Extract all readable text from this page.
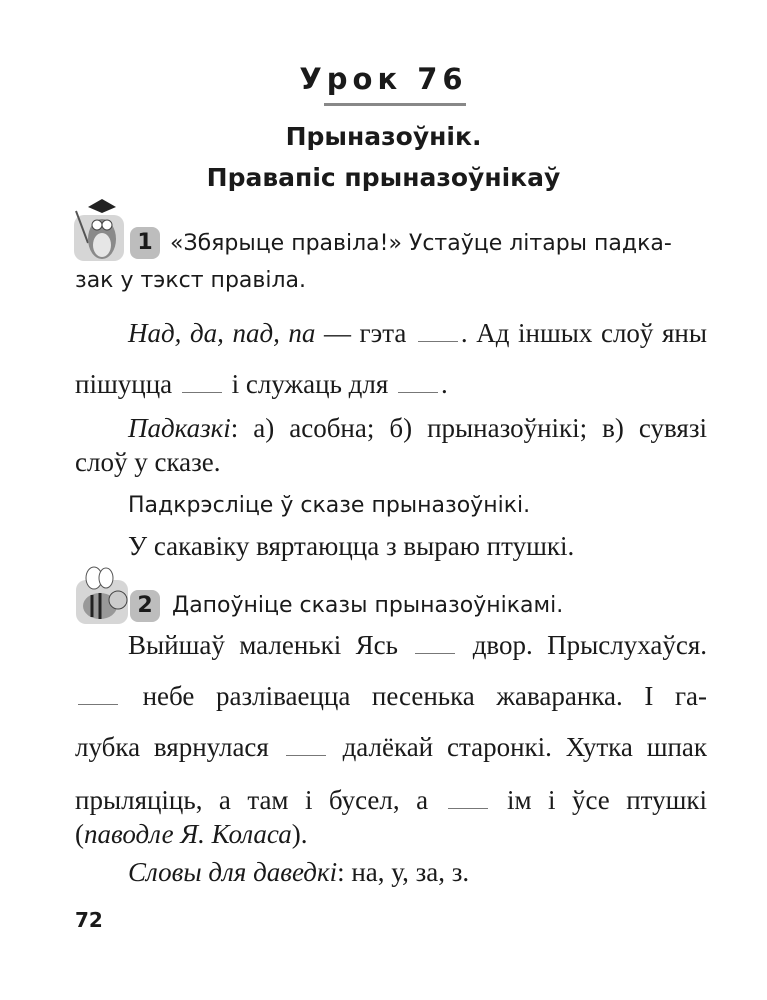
Урок 76
Прыназоўнік.
Правапіс прыназоўнікаў
1 «Збярыце правіла!» Устаўце літары падка-
зак у тэкст правіла.
Над, да, пад, па — гэта . Ад іншых слоў яны
пішуцца і служаць для .
Падказкі: а) асобна; б) прыназоўнікі; в) сувязі
слоў у сказе.
Падкрэсліце ў сказе прыназоўнікі.
У сакавіку вяртаюцца з выраю птушкі.
2 Дапоўніце сказы прыназоўнікамі.
Выйшаў маленькі Ясь	двор. Прыслухаўся.
небе разліваецца песенька жаваранка. І га-
лубка вярнулася	далёкай старонкі. Хутка шпак
прыляціць, а там і бусел, а	ім і ўсе птушкі
(паводле Я. Коласа).
Словы для даведкі: на, у, за, з.
72
